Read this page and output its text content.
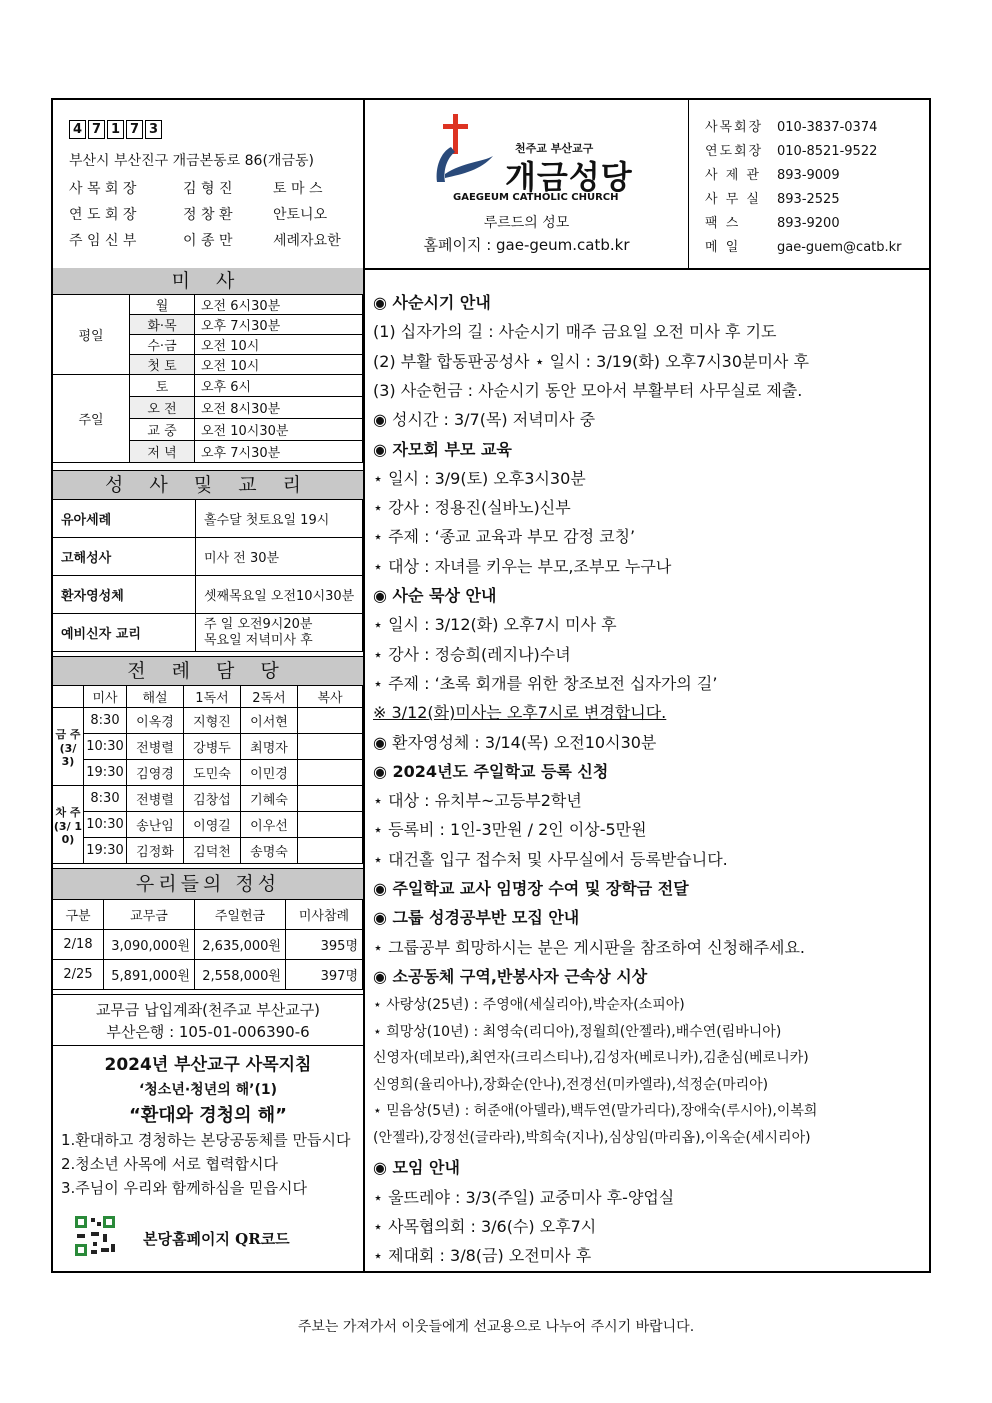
4 7 1 7 3
부산시 부산진구 개금본동로 86(개금동)
사 목 회 장	김 형 진	토 마 스
연 도 회 장	정 창 환	안토니오
주 임 신 부	이 종 만	세례자요한
천주교 부산교구
개금성당
GAEGEUM CATHOLIC CHURCH
루르드의 성모
홈페이지 : gae-geum.catb.kr
사목회장 010-3837-0374
연도회장 010-8521-9522
사 제 관 893-9009
사 무 실 893-2525
팩 스	893-9200
메 일	gae-guem@catb.kr
미 사
평일	월	오전 6시30분
	화·목	오후 7시30분
	수·금	오전 10시
	첫 토	오전 10시
주일	토	오후 6시
	오 전	오전 8시30분
	교 중	오전 10시30분
	저 녁	오후 7시30분
성 사 및 교 리
유아세례	홀수달 첫토요일 19시
고해성사	미사 전 30분
환자영성체	셋째목요일 오전10시30분
예비신자 교리	주 일 오전9시20분
목요일 저녁미사 후
전 례 담 당
	미사	해설	1독서	2독서	복사
금 주 (3/ 3)	8:30	이옥경	지형진	이서현	
	10:30	전병렬	강병두	최명자	
	19:30	김영경	도민숙	이민경	
차 주 (3/ 10)	8:30	전병렬	김창섭	기혜숙	
	10:30	송난임	이영길	이우선	
	19:30	김정화	김덕천	송명숙	
우리들의 정성
구분	교무금	주일헌금	미사참례
2/18	3,090,000원	2,635,000원	395명
2/25	5,891,000원	2,558,000원	397명
교무금 납입계좌(천주교 부산교구)
부산은행 : 105-01-006390-6
2024년 부산교구 사목지침
‘청소년·청년의 해’(1)
“환대와 경청의 해”
1.환대하고 경청하는 본당공동체를 만듭시다
2.청소년 사목에 서로 협력합시다
3.주님이 우리와 함께하심을 믿읍시다
본당홈페이지 QR코드
◉ 사순시기 안내
(1) 십자가의 길 : 사순시기 매주 금요일 오전 미사 후 기도
(2) 부활 합동판공성사 ⋆ 일시 : 3/19(화) 오후7시30분미사 후
(3) 사순헌금 : 사순시기 동안 모아서 부활부터 사무실로 제출.
◉ 성시간 : 3/7(목) 저녁미사 중
◉ 자모회 부모 교육
⋆ 일시 : 3/9(토) 오후3시30분
⋆ 강사 : 정용진(실바노)신부
⋆ 주제 : ‘종교 교육과 부모 감정 코칭’
⋆ 대상 : 자녀를 키우는 부모,조부모 누구나
◉ 사순 묵상 안내
⋆ 일시 : 3/12(화) 오후7시 미사 후
⋆ 강사 : 정승희(레지나)수녀
⋆ 주제 : ‘초록 회개를 위한 창조보전 십자가의 길’
※ 3/12(화)미사는 오후7시로 변경합니다.
◉ 환자영성체 : 3/14(목) 오전10시30분
◉ 2024년도 주일학교 등록 신청
⋆ 대상 : 유치부~고등부2학년
⋆ 등록비 : 1인-3만원 / 2인 이상-5만원
⋆ 대건홀 입구 접수처 및 사무실에서 등록받습니다.
◉ 주일학교 교사 임명장 수여 및 장학금 전달
◉ 그룹 성경공부반 모집 안내
⋆ 그룹공부 희망하시는 분은 게시판을 참조하여 신청해주세요.
◉ 소공동체 구역,반봉사자 근속상 시상
⋆ 사랑상(25년) : 주영애(세실리아),박순자(소피아)
⋆ 희망상(10년) : 최영숙(리디아),정월희(안젤라),배수연(림바니아)
신영자(데보라),최연자(크리스티나),김성자(베로니카),김춘심(베로니카)
신영희(율리아나),장화순(안나),전경선(미카엘라),석정순(마리아)
⋆ 믿음상(5년) : 허준애(아델라),백두연(말가리다),장애숙(루시아),이복희
(안젤라),강정선(글라라),박희숙(지나),심상임(마리옵),이옥순(세시리아)
◉ 모임 안내
⋆ 울뜨레야 : 3/3(주일) 교중미사 후-양업실
⋆ 사목협의회 : 3/6(수) 오후7시
⋆ 제대회 : 3/8(금) 오전미사 후
주보는 가져가서 이웃들에게 선교용으로 나누어 주시기 바랍니다.
